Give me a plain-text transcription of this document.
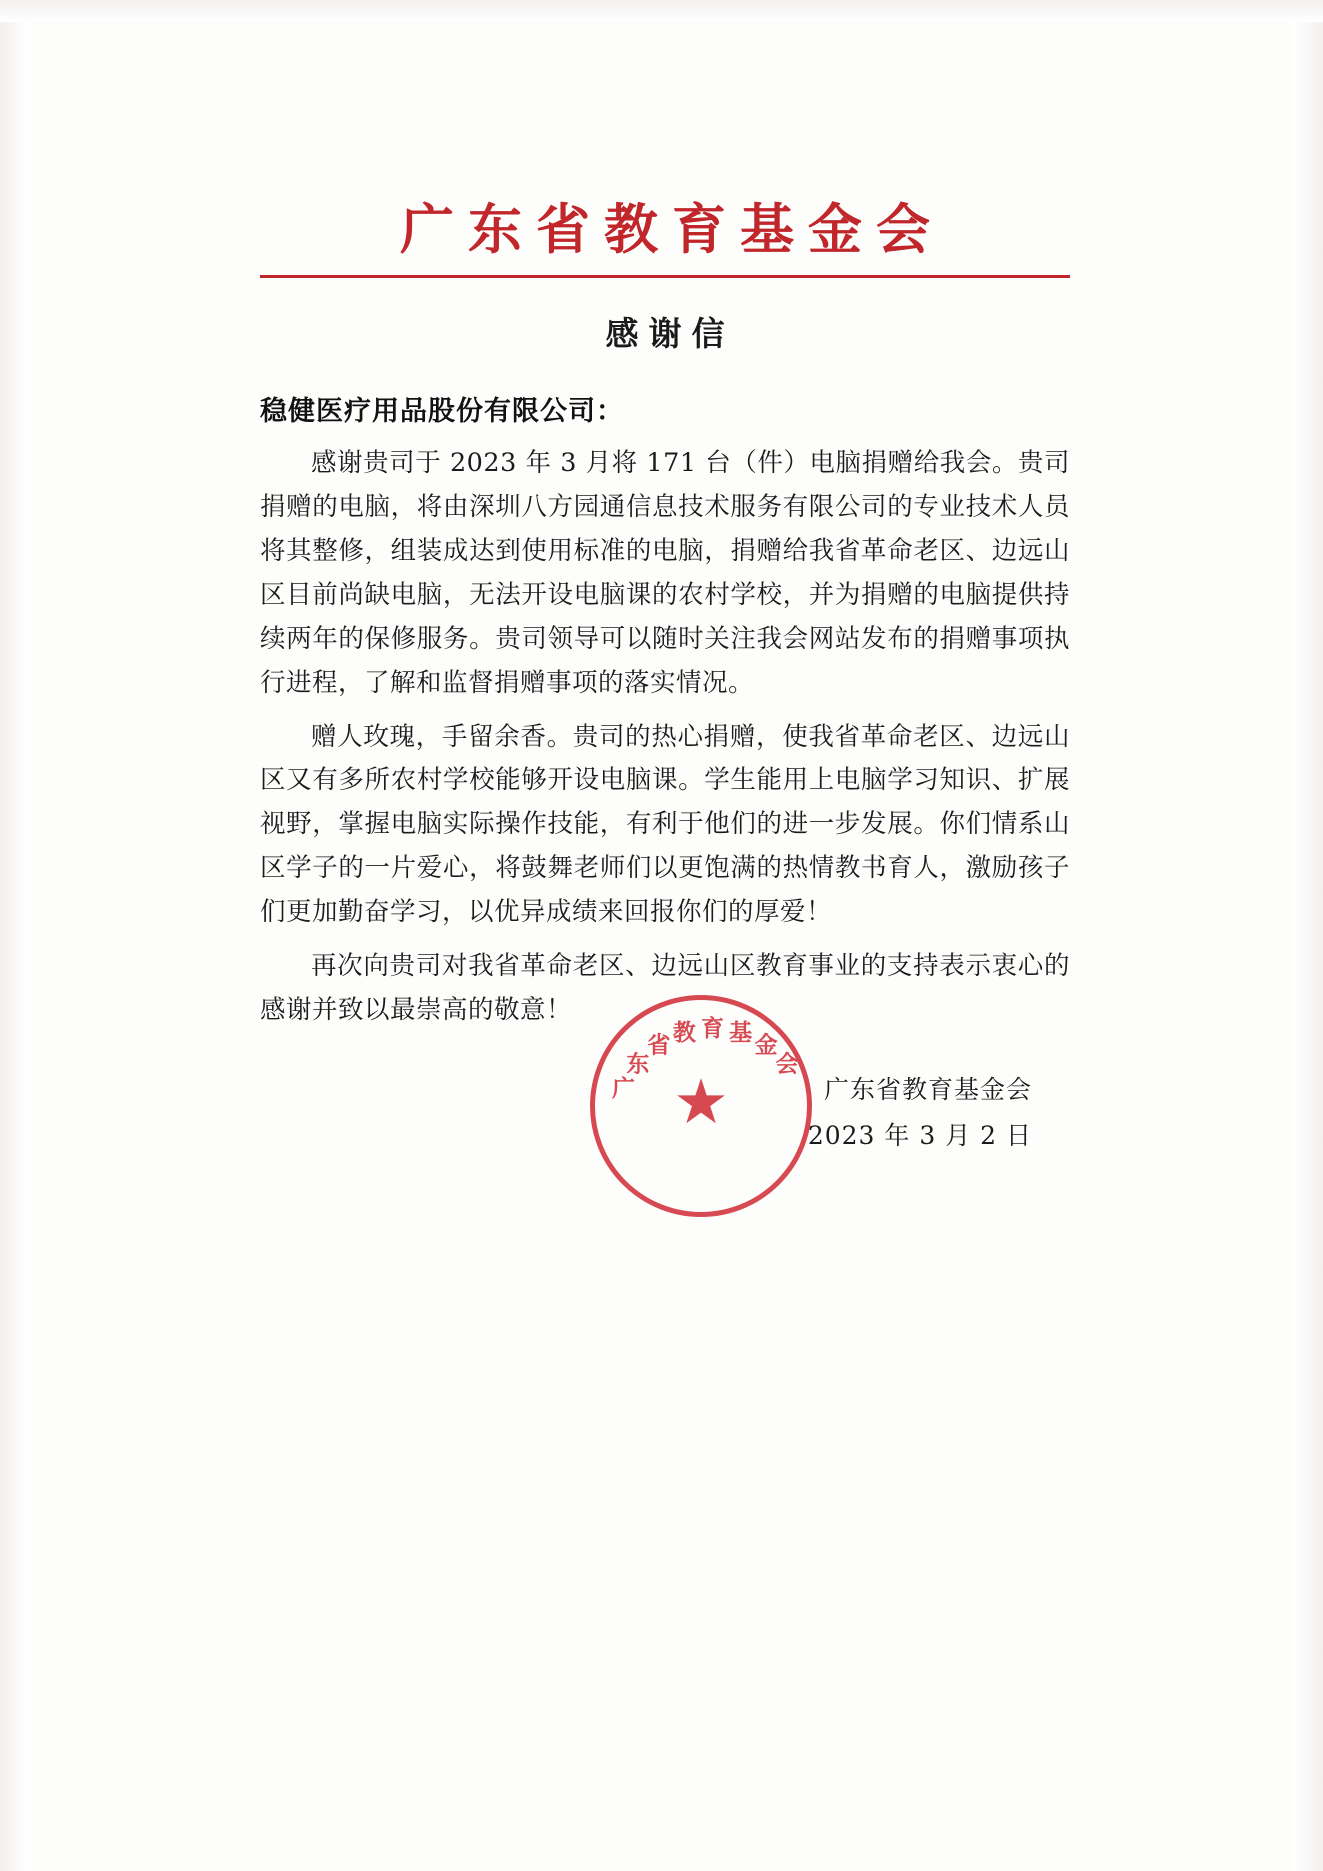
广东省教育基金会
感谢信
稳健医疗用品股份有限公司：

感谢贵司于 2023 年 3 月将 171 台（件）电脑捐赠给我会。贵司捐赠的电脑，将由深圳八方园通信息技术服务有限公司的专业技术人员将其整修，组装成达到使用标准的电脑，捐赠给我省革命老区、边远山区目前尚缺电脑，无法开设电脑课的农村学校，并为捐赠的电脑提供持续两年的保修服务。贵司领导可以随时关注我会网站发布的捐赠事项执行进程，了解和监督捐赠事项的落实情况。

赠人玫瑰，手留余香。贵司的热心捐赠，使我省革命老区、边远山区又有多所农村学校能够开设电脑课。学生能用上电脑学习知识、扩展视野，掌握电脑实际操作技能，有利于他们的进一步发展。你们情系山区学子的一片爱心，将鼓舞老师们以更饱满的热情教书育人，激励孩子们更加勤奋学习，以优异成绩来回报你们的厚爱！

再次向贵司对我省革命老区、边远山区教育事业的支持表示衷心的感谢并致以最崇高的敬意！

广
东
省 教 育 基 金
会
★	广东省教育基金会
2023 年 3 月 2 日
